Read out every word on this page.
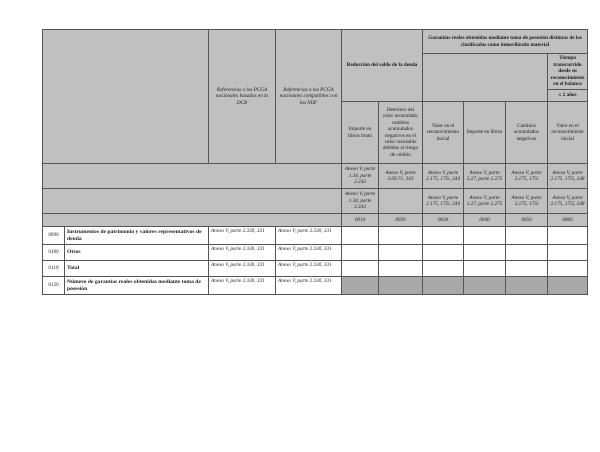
		Referencias a los PCGA nacionales basadas en la DCB	Referencias a los PCGA nacionales compatibles con las NIIF	Reducción del saldo de la deuda		Garantías reales obtenidas mediante toma de posesión distintas de las clasificadas como inmovilizado material			
									Tiempo transcurrido desde su reconocimiento en el balance
									≤ 2 años
				Importe en libros bruto	Deterioro del valor acumulado, cambios acumulados negativos en el valor razonable debidos al riesgo de crédito	Valor en el reconocimiento inicial	Importe en libros	Cambios acumulados negativos	Valor en el reconocimiento inicial
				Anexo V, parte 1.34, parte 2.343	Anexo V, parte 2.69.71, 343	Anexo V, parte 2.175, 175i, 344	Anexo V, parte 2.27, parte 2.275	Anexo V, parte 2.175, 175i	Anexo V, parte 2.175, 175i, 348
				Anexo V, parte 1.34, parte 2.343		Anexo V, parte 2.175, 175i, 344	Anexo V, parte 1.27, parte 2.275	Anexo V, parte 2.175, 175i	Anexo V, parte 2.175, 175i, 348
				0010	0020	0030	0040	0050	0060
0090	Instrumentos de patrimonio y valores representativos de deuda	Anexo V, parte 2.330, 331	Anexo V, parte 2.330, 331						
0100	Otros	Anexo V, parte 2.330, 331	Anexo V, parte 2.330, 331						
0110	Total	Anexo V, parte 2.330, 331	Anexo V, parte 2.330, 331						
0120	Número de garantías reales obtenidas mediante toma de posesión	Anexo V, parte 2.330, 331	Anexo V, parte 2.330, 331						
